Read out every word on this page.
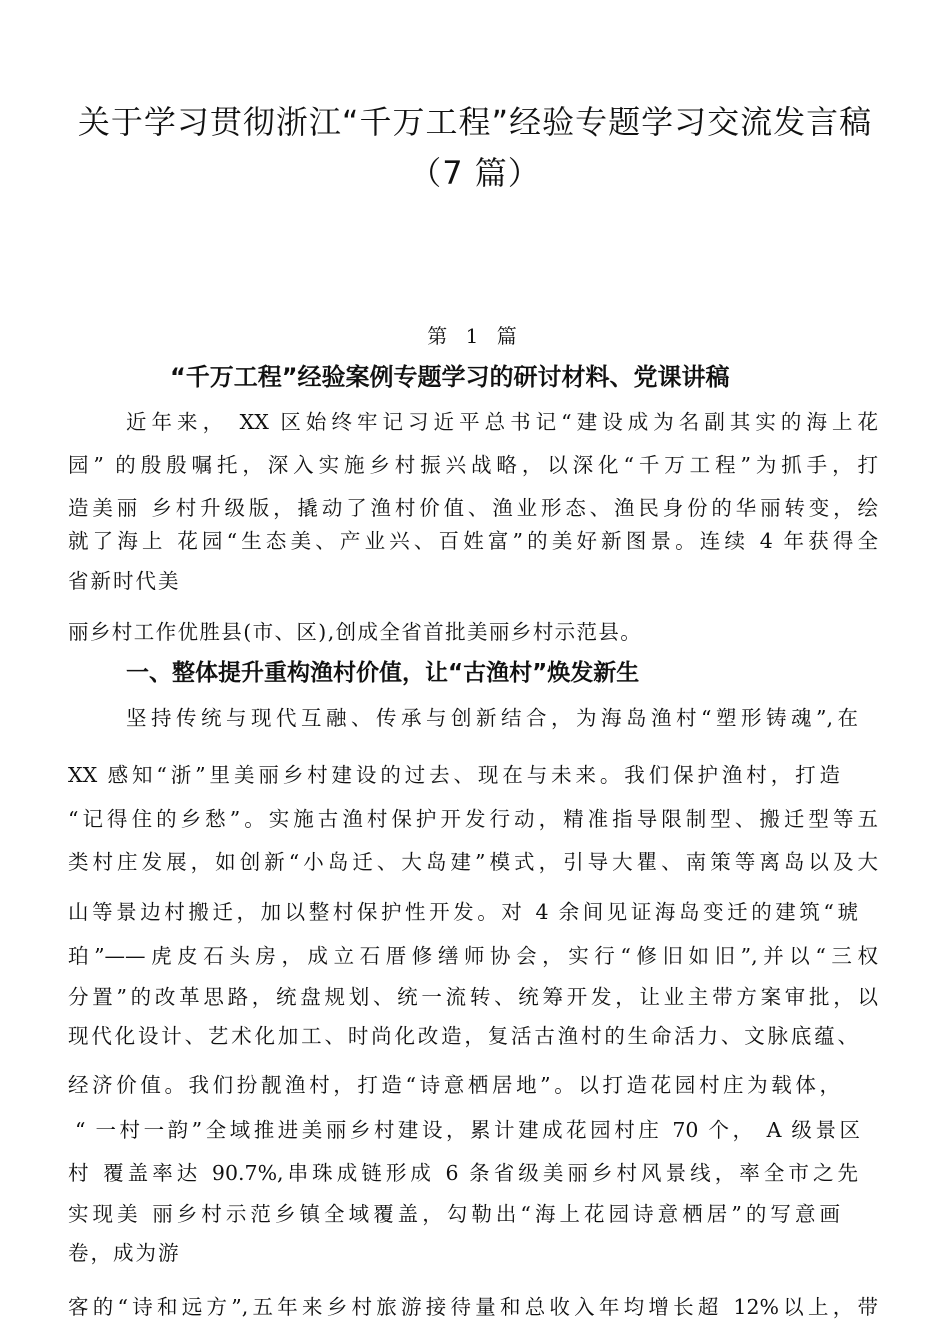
关于学习贯彻浙江“千万工程”经验专题学习交流发言稿
（7 篇）
第 1 篇
“千万工程”经验案例专题学习的研讨材料、党课讲稿
近年来， XX 区始终牢记习近平总书记“建设成为名副其实的海上花
园” 的殷殷嘱托，深入实施乡村振兴战略，以深化“千万工程”为抓手，打
造美丽 乡村升级版，撬动了渔村价值、渔业形态、渔民身份的华丽转变，绘
就了海上 花园“生态美、产业兴、百姓富”的美好新图景。连续 4 年获得全
省新时代美
丽乡村工作优胜县(市、区),创成全省首批美丽乡村示范县。
一、整体提升重构渔村价值，让“古渔村”焕发新生
坚持传统与现代互融、传承与创新结合，为海岛渔村“塑形铸魂”,在
XX 感知“浙”里美丽乡村建设的过去、现在与未来。我们保护渔村，打造
“记得住的乡愁”。实施古渔村保护开发行动，精准指导限制型、搬迁型等五
类村庄发展，如创新“小岛迁、大岛建”模式，引导大瞿、南策等离岛以及大
山等景边村搬迁，加以整村保护性开发。对 4 余间见证海岛变迁的建筑“琥
珀”——虎皮石头房，成立石厝修缮师协会，实行“修旧如旧”,并以“三权
分置”的改革思路，统盘规划、统一流转、统筹开发，让业主带方案审批，以
现代化设计、艺术化加工、时尚化改造，复活古渔村的生命活力、文脉底蕴、
经济价值。我们扮靓渔村，打造“诗意栖居地”。以打造花园村庄为载体，
“ 一村一韵”全域推进美丽乡村建设，累计建成花园村庄 70 个， A 级景区
村 覆盖率达 90.7%,串珠成链形成 6 条省级美丽乡村风景线，率全市之先
实现美 丽乡村示范乡镇全域覆盖，勾勒出“海上花园诗意栖居”的写意画
卷，成为游
客的“诗和远方”,五年来乡村旅游接待量和总收入年均增长超 12%以上，带
